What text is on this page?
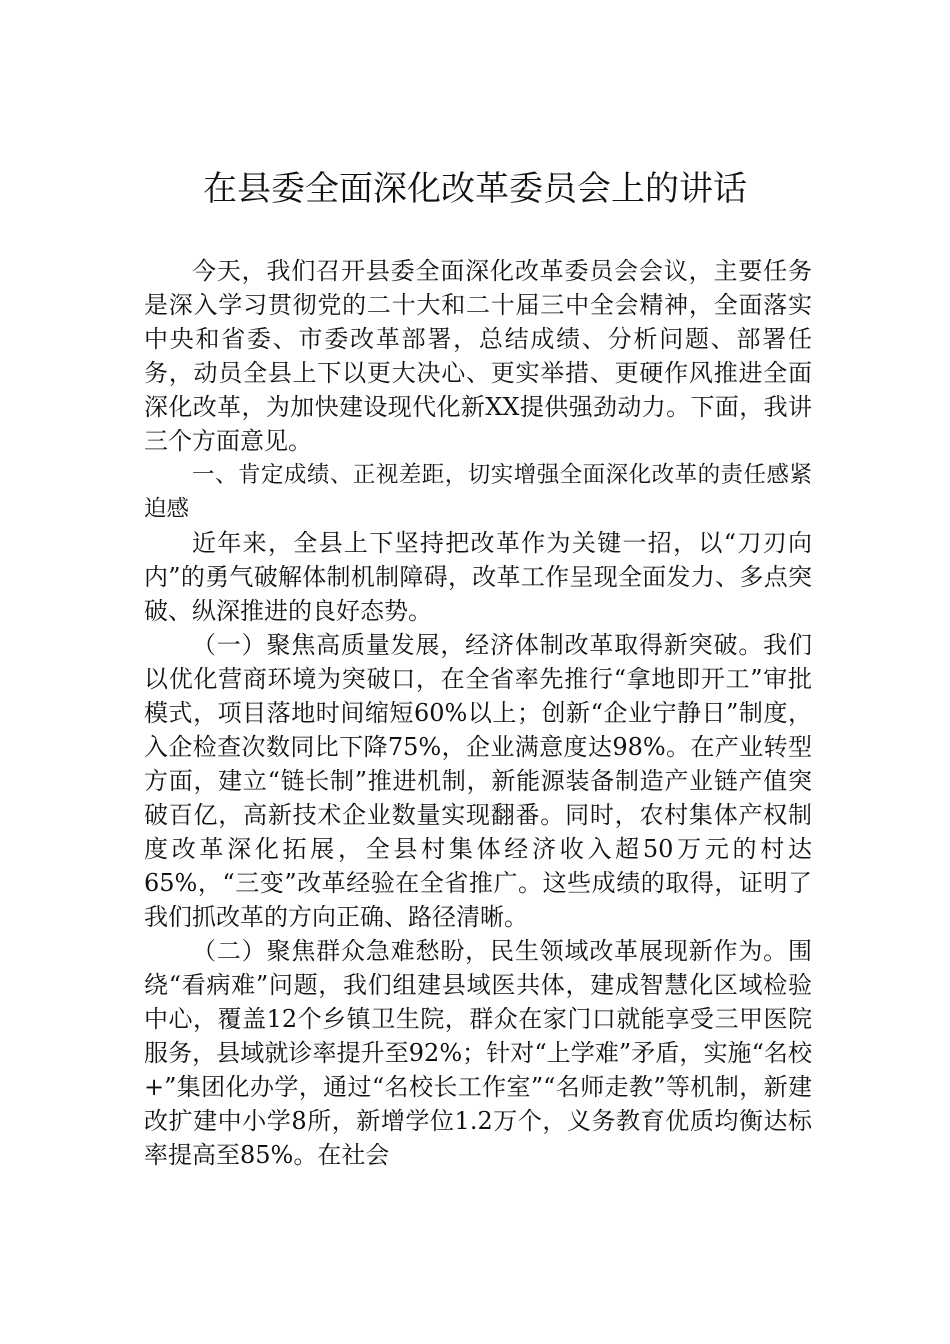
在县委全面深化改革委员会上的讲话

今天，我们召开县委全面深化改革委员会会议，主要任务是深入学习贯彻党的二十大和二十届三中全会精神，全面落实中央和省委、市委改革部署，总结成绩、分析问题、部署任务，动员全县上下以更大决心、更实举措、更硬作风推进全面深化改革，为加快建设现代化新XX提供强劲动力。下面，我讲三个方面意见。

一、肯定成绩、正视差距，切实增强全面深化改革的责任感紧迫感

近年来，全县上下坚持把改革作为关键一招，以“刀刃向内”的勇气破解体制机制障碍，改革工作呈现全面发力、多点突破、纵深推进的良好态势。

（一）聚焦高质量发展，经济体制改革取得新突破。我们以优化营商环境为突破口，在全省率先推行“拿地即开工”审批模式，项目落地时间缩短60%以上；创新“企业宁静日”制度，入企检查次数同比下降75%，企业满意度达98%。在产业转型方面，建立“链长制”推进机制，新能源装备制造产业链产值突破百亿，高新技术企业数量实现翻番。同时，农村集体产权制度改革深化拓展，全县村集体经济收入超50万元的村达65%，“三变”改革经验在全省推广。这些成绩的取得，证明了我们抓改革的方向正确、路径清晰。

（二）聚焦群众急难愁盼，民生领域改革展现新作为。围绕“看病难”问题，我们组建县域医共体，建成智慧化区域检验中心，覆盖12个乡镇卫生院，群众在家门口就能享受三甲医院服务，县域就诊率提升至92%；针对“上学难”矛盾，实施“名校+”集团化办学，通过“名校长工作室”“名师走教”等机制，新建改扩建中小学8所，新增学位1.2万个，义务教育优质均衡达标率提高至85%。在社会
